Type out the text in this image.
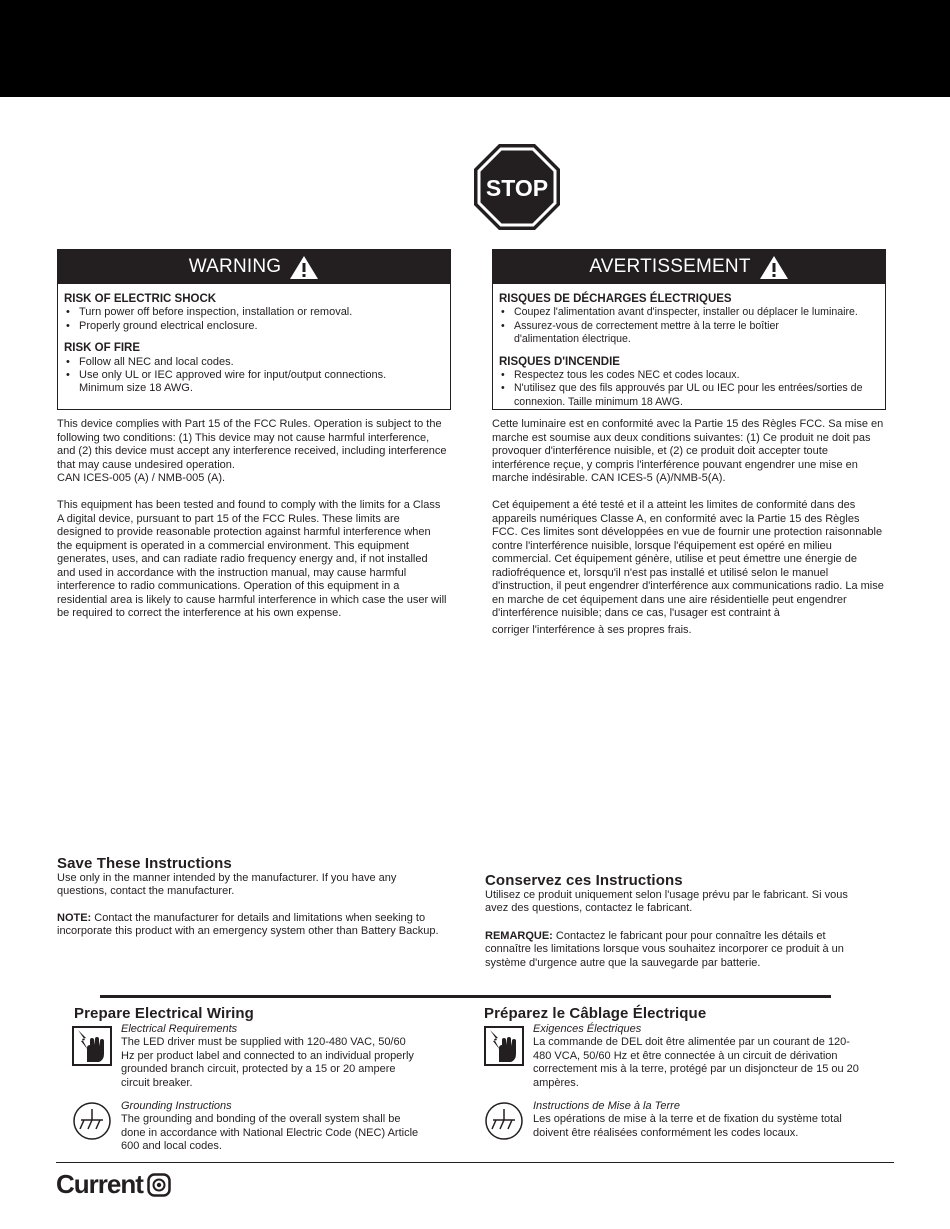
STOP
WARNING
RISK OF ELECTRIC SHOCK
• Turn power off before inspection, installation or removal.
• Properly ground electrical enclosure.
RISK OF FIRE
• Follow all NEC and local codes.
• Use only UL or IEC approved wire for input/output connections. Minimum size 18 AWG.
AVERTISSEMENT
RISQUES DE DÉCHARGES ÉLECTRIQUES
• Coupez l'alimentation avant d'inspecter, installer ou déplacer le luminaire.
• Assurez-vous de correctement mettre à la terre le boîtier d'alimentation électrique.
RISQUES D'INCENDIE
• Respectez tous les codes NEC et codes locaux.
• N'utilisez que des fils approuvés par UL ou IEC pour les entrées/sorties de connexion. Taille minimum 18 AWG.

This device complies with Part 15 of the FCC Rules. Operation is subject to the following two conditions: (1) This device may not cause harmful interference, and (2) this device must accept any interference received, including interference that may cause undesired operation.
CAN ICES-005 (A) / NMB-005 (A).

This equipment has been tested and found to comply with the limits for a Class A digital device, pursuant to part 15 of the FCC Rules. These limits are designed to provide reasonable protection against harmful interference when the equipment is operated in a commercial environment. This equipment generates, uses, and can radiate radio frequency energy and, if not installed and used in accordance with the instruction manual, may cause harmful interference to radio communications. Operation of this equipment in a residential area is likely to cause harmful interference in which case the user will be required to correct the interference at his own expense.

Cette luminaire est en conformité avec la Partie 15 des Règles FCC. Sa mise en marche est soumise aux deux conditions suivantes: (1) Ce produit ne doit pas provoquer d'interférence nuisible, et (2) ce produit doit accepter toute interférence reçue, y compris l'interférence pouvant engendrer une mise en marche indésirable. CAN ICES-5 (A)/NMB-5(A).

Cet équipement a été testé et il a atteint les limites de conformité dans des appareils numériques Classe A, en conformité avec la Partie 15 des Règles FCC. Ces limites sont développées en vue de fournir une protection raisonnable contre l'interférence nuisible, lorsque l'équipement est opéré en milieu commercial. Cet équipement génère, utilise et peut émettre une énergie de radiofréquence et, lorsqu'il n'est pas installé et utilisé selon le manuel d'instruction, il peut engendrer d'interférence aux communications radio. La mise en marche de cet équipement dans une aire résidentielle peut engendrer d'interférence nuisible; dans ce cas, l'usager est contraint à
corriger l'interférence à ses propres frais.

Save These Instructions

Use only in the manner intended by the manufacturer. If you have any questions, contact the manufacturer.

NOTE: Contact the manufacturer for details and limitations when seeking to incorporate this product with an emergency system other than Battery Backup.

Conservez ces Instructions

Utilisez ce produit uniquement selon l'usage prévu par le fabricant. Si vous avez des questions, contactez le fabricant.

REMARQUE: Contactez le fabricant pour pour connaître les détails et connaître les limitations lorsque vous souhaitez incorporer ce produit à un système d'urgence autre que la sauvegarde par batterie.

Prepare Electrical Wiring

Electrical Requirements
The LED driver must be supplied with 120-480 VAC, 50/60 Hz per product label and connected to an individual properly grounded branch circuit, protected by a 15 or 20 ampere circuit breaker.

Grounding Instructions
The grounding and bonding of the overall system shall be done in accordance with National Electric Code (NEC) Article 600 and local codes.

Préparez le Câblage Électrique

Exigences Électriques
La commande de DEL doit être alimentée par un courant de 120-480 VCA, 50/60 Hz et être connectée à un circuit de dérivation correctement mis à la terre, protégé par un disjoncteur de 15 ou 20 ampères.

Instructions de Mise à la Terre
Les opérations de mise à la terre et de fixation du système total doivent être réalisées conformément les codes locaux.

Current
